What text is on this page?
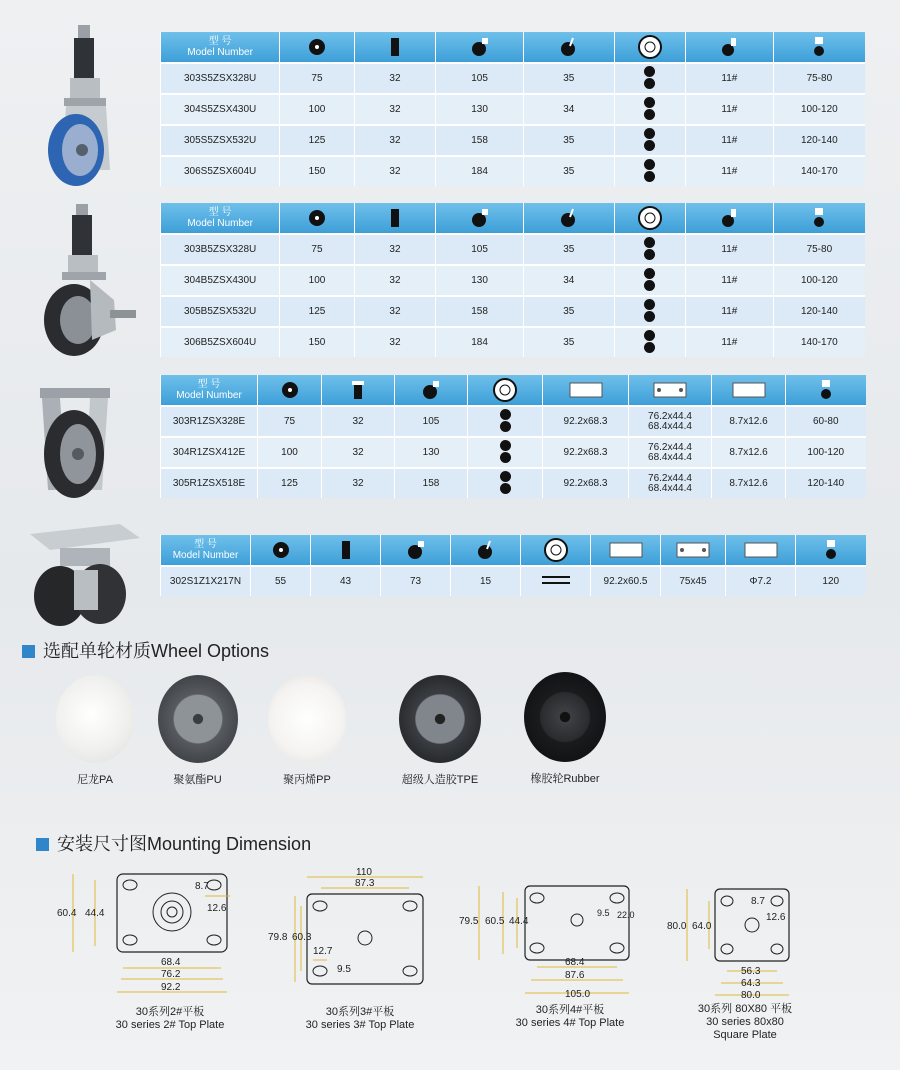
型 号
Model Number

303S5ZSX328U	75	32	105	35		11#	75-80
304S5ZSX430U	100	32	130	34		11#	100-120
305S5ZSX532U	125	32	158	35		11#	120-140
306S5ZSX604U	150	32	184	35		11#	140-170
型 号
Model Number

303B5ZSX328U	75	32	105	35		11#	75-80
304B5ZSX430U	100	32	130	34		11#	100-120
305B5ZSX532U	125	32	158	35		11#	120-140
306B5ZSX604U	150	32	184	35		11#	140-170
型 号
Model Number

303R1ZSX328E	75	32	105		92.2x68.3	76.2x44.4
68.4x44.4	8.7x12.6	60-80
304R1ZSX412E	100	32	130		92.2x68.3	76.2x44.4
68.4x44.4	8.7x12.6	100-120
305R1ZSX518E	125	32	158		92.2x68.3	76.2x44.4
68.4x44.4	8.7x12.6	120-140
型 号
Model Number

302S1Z1X217N	55	43	73	15		92.2x60.5	75x45	Φ7.2	120
选配单轮材质Wheel Options
尼龙PA	聚氨酯PU	聚丙烯PP	超级人造胶TPE	橡胶轮Rubber
安装尺寸图Mounting Dimension
8.7
12.6
60.4 44.4
68.4
76.2
92.2
30系列2#平板
30 series 2# Top Plate
110
87.3
79.8 60.3
12.7
9.5
30系列3#平板
30 series 3# Top Plate
79.5 60.5 44.4
9.5 22.0
68.4
87.6
105.0
30系列4#平板
30 series 4# Top Plate
8.7
12.6
80.0 64.0
56.3
64.3
80.0
30系列 80X80 平板
30 series 80x80
Square Plate
